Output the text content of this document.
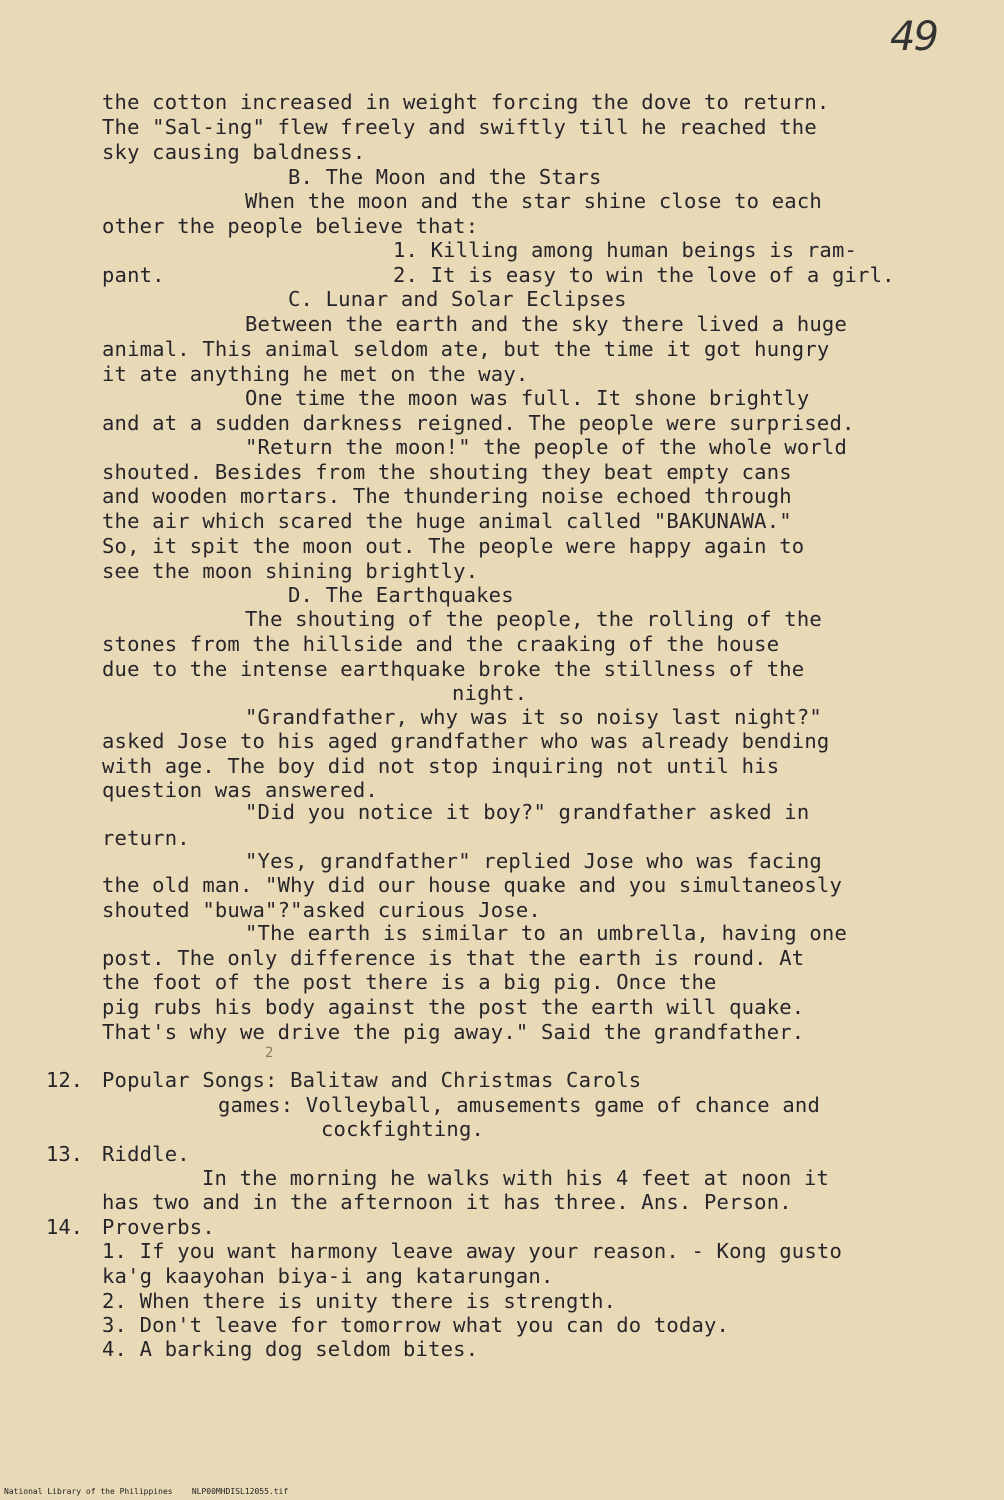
49
the cotton increased in weight forcing the dove to return.
The "Sal-ing" flew freely and swiftly till he reached the
sky causing baldness.
B. The Moon and the Stars
When the moon and the star shine close to each
other the people believe that:
1. Killing among human beings is ram-
pant.	2. It is easy to win the love of a girl.
C. Lunar and Solar Eclipses
Between the earth and the sky there lived a huge
animal. This animal seldom ate, but the time it got hungry
it ate anything he met on the way.
One time the moon was full. It shone brightly
and at a sudden darkness reigned. The people were surprised.
"Return the moon!" the people of the whole world
shouted. Besides from the shouting they beat empty cans
and wooden mortars. The thundering noise echoed through
the air which scared the huge animal called "BAKUNAWA."
So, it spit the moon out. The people were happy again to
see the moon shining brightly.
D. The Earthquakes
The shouting of the people, the rolling of the
stones from the hillside and the craaking of the house
due to the intense earthquake broke the stillness of the
night.
"Grandfather, why was it so noisy last night?"
asked Jose to his aged grandfather who was already bending
with age. The boy did not stop inquiring not until his
question was answered.
"Did you notice it boy?" grandfather asked in
return.
"Yes, grandfather" replied Jose who was facing
the old man. "Why did our house quake and you simultaneosly
shouted "buwa"?"asked curious Jose.
"The earth is similar to an umbrella, having one
post. The only difference is that the earth is round. At
the foot of the post there is a big pig. Once the
pig rubs his body against the post the earth will quake.
That's why we drive the pig away." Said the grandfather.
2
12. Popular Songs: Balitaw and Christmas Carols
games: Volleyball, amusements game of chance and
cockfighting.
13. Riddle.
In the morning he walks with his 4 feet at noon it
has two and in the afternoon it has three. Ans. Person.
14. Proverbs.
1. If you want harmony leave away your reason. - Kong gusto
ka'g kaayohan biya-i ang katarungan.
2. When there is unity there is strength.
3. Don't leave for tomorrow what you can do today.
4. A barking dog seldom bites.
National Library of the Philippines    NLP00MHDISL12055.tif
